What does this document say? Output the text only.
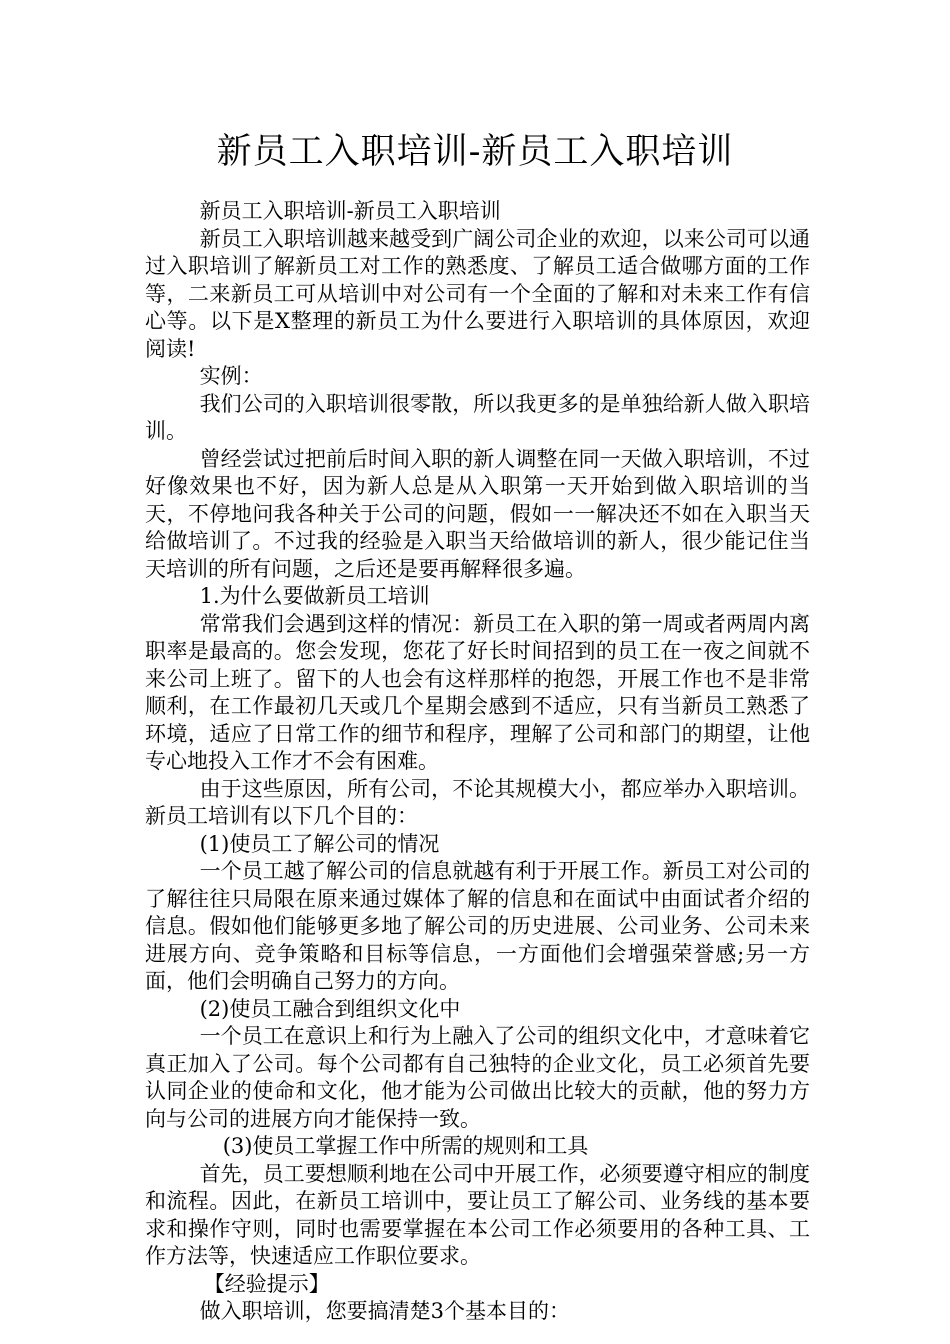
新员工入职培训-新员工入职培训

新员工入职培训-新员工入职培训

新员工入职培训越来越受到广阔公司企业的欢迎，以来公司可以通过入职培训了解新员工对工作的熟悉度、了解员工适合做哪方面的工作等，二来新员工可从培训中对公司有一个全面的了解和对未来工作有信心等。以下是X整理的新员工为什么要进行入职培训的具体原因，欢迎阅读!

实例：

我们公司的入职培训很零散，所以我更多的是单独给新人做入职培训。

曾经尝试过把前后时间入职的新人调整在同一天做入职培训，不过好像效果也不好，因为新人总是从入职第一天开始到做入职培训的当天，不停地问我各种关于公司的问题，假如一一解决还不如在入职当天给做培训了。不过我的经验是入职当天给做培训的新人，很少能记住当天培训的所有问题，之后还是要再解释很多遍。

1.为什么要做新员工培训

常常我们会遇到这样的情况：新员工在入职的第一周或者两周内离职率是最高的。您会发现，您花了好长时间招到的员工在一夜之间就不来公司上班了。留下的人也会有这样那样的抱怨，开展工作也不是非常顺利，在工作最初几天或几个星期会感到不适应，只有当新员工熟悉了环境，适应了日常工作的细节和程序，理解了公司和部门的期望，让他专心地投入工作才不会有困难。

由于这些原因，所有公司，不论其规模大小，都应举办入职培训。新员工培训有以下几个目的：

(1)使员工了解公司的情况

一个员工越了解公司的信息就越有利于开展工作。新员工对公司的了解往往只局限在原来通过媒体了解的信息和在面试中由面试者介绍的信息。假如他们能够更多地了解公司的历史进展、公司业务、公司未来进展方向、竞争策略和目标等信息，一方面他们会增强荣誉感;另一方面，他们会明确自己努力的方向。

(2)使员工融合到组织文化中

一个员工在意识上和行为上融入了公司的组织文化中，才意味着它真正加入了公司。每个公司都有自己独特的企业文化，员工必须首先要认同企业的使命和文化，他才能为公司做出比较大的贡献，他的努力方向与公司的进展方向才能保持一致。

(3)使员工掌握工作中所需的规则和工具

首先，员工要想顺利地在公司中开展工作，必须要遵守相应的制度和流程。因此，在新员工培训中，要让员工了解公司、业务线的基本要求和操作守则，同时也需要掌握在本公司工作必须要用的各种工具、工作方法等，快速适应工作职位要求。

【经验提示】

做入职培训，您要搞清楚3个基本目的：
